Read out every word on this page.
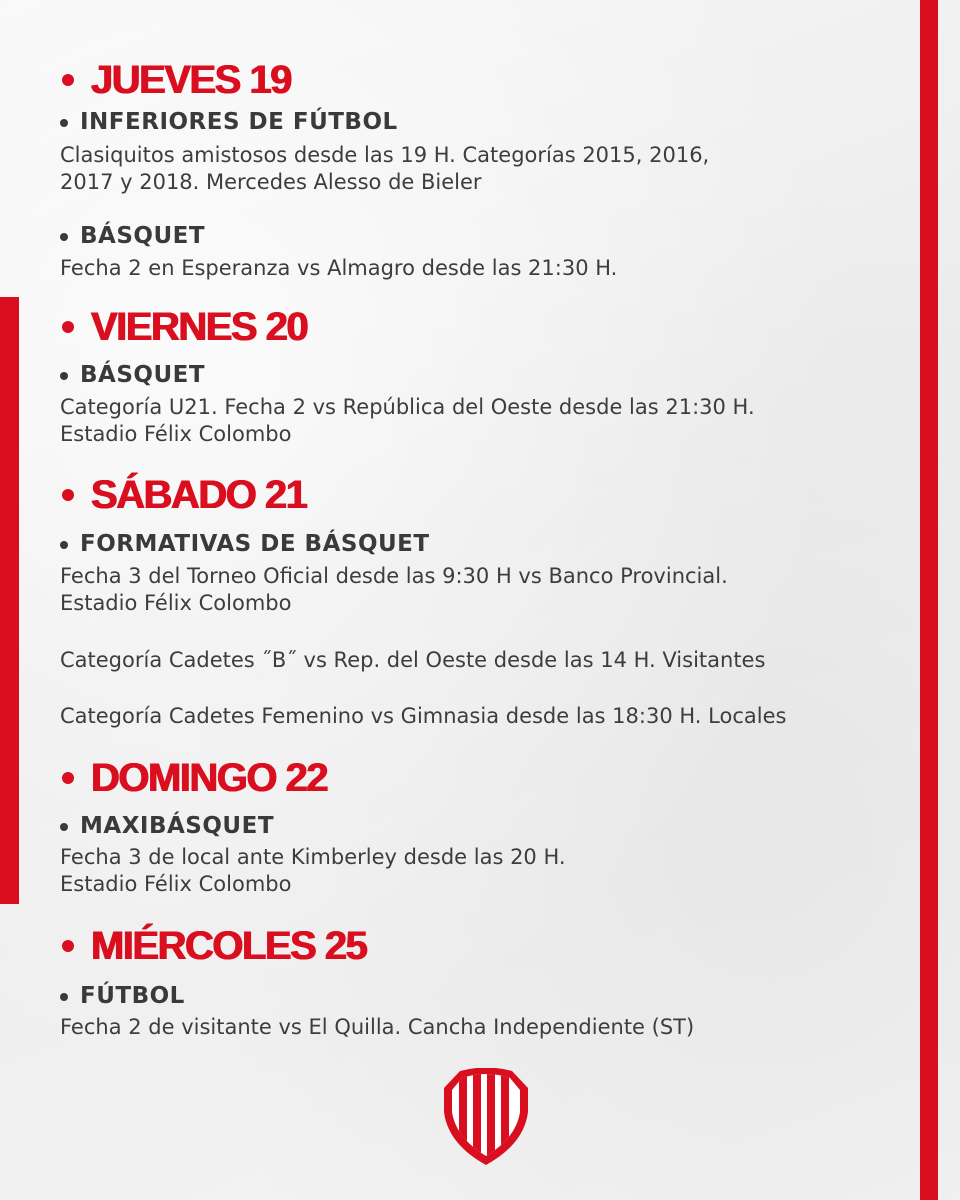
JUEVES 19
INFERIORES DE FÚTBOL
Clasiquitos amistosos desde las 19 H. Categorías 2015, 2016,
2017 y 2018. Mercedes Alesso de Bieler
BÁSQUET
Fecha 2 en Esperanza vs Almagro desde las 21:30 H.
VIERNES 20
BÁSQUET
Categoría U21. Fecha 2 vs República del Oeste desde las 21:30 H.
Estadio Félix Colombo
SÁBADO 21
FORMATIVAS DE BÁSQUET
Fecha 3 del Torneo Oficial desde las 9:30 H vs Banco Provincial.
Estadio Félix Colombo
Categoría Cadetes ˝B˝ vs Rep. del Oeste desde las 14 H. Visitantes
Categoría Cadetes Femenino vs Gimnasia desde las 18:30 H. Locales
DOMINGO 22
MAXIBÁSQUET
Fecha 3 de local ante Kimberley desde las 20 H.
Estadio Félix Colombo
MIÉRCOLES 25
FÚTBOL
Fecha 2 de visitante vs El Quilla. Cancha Independiente (ST)
